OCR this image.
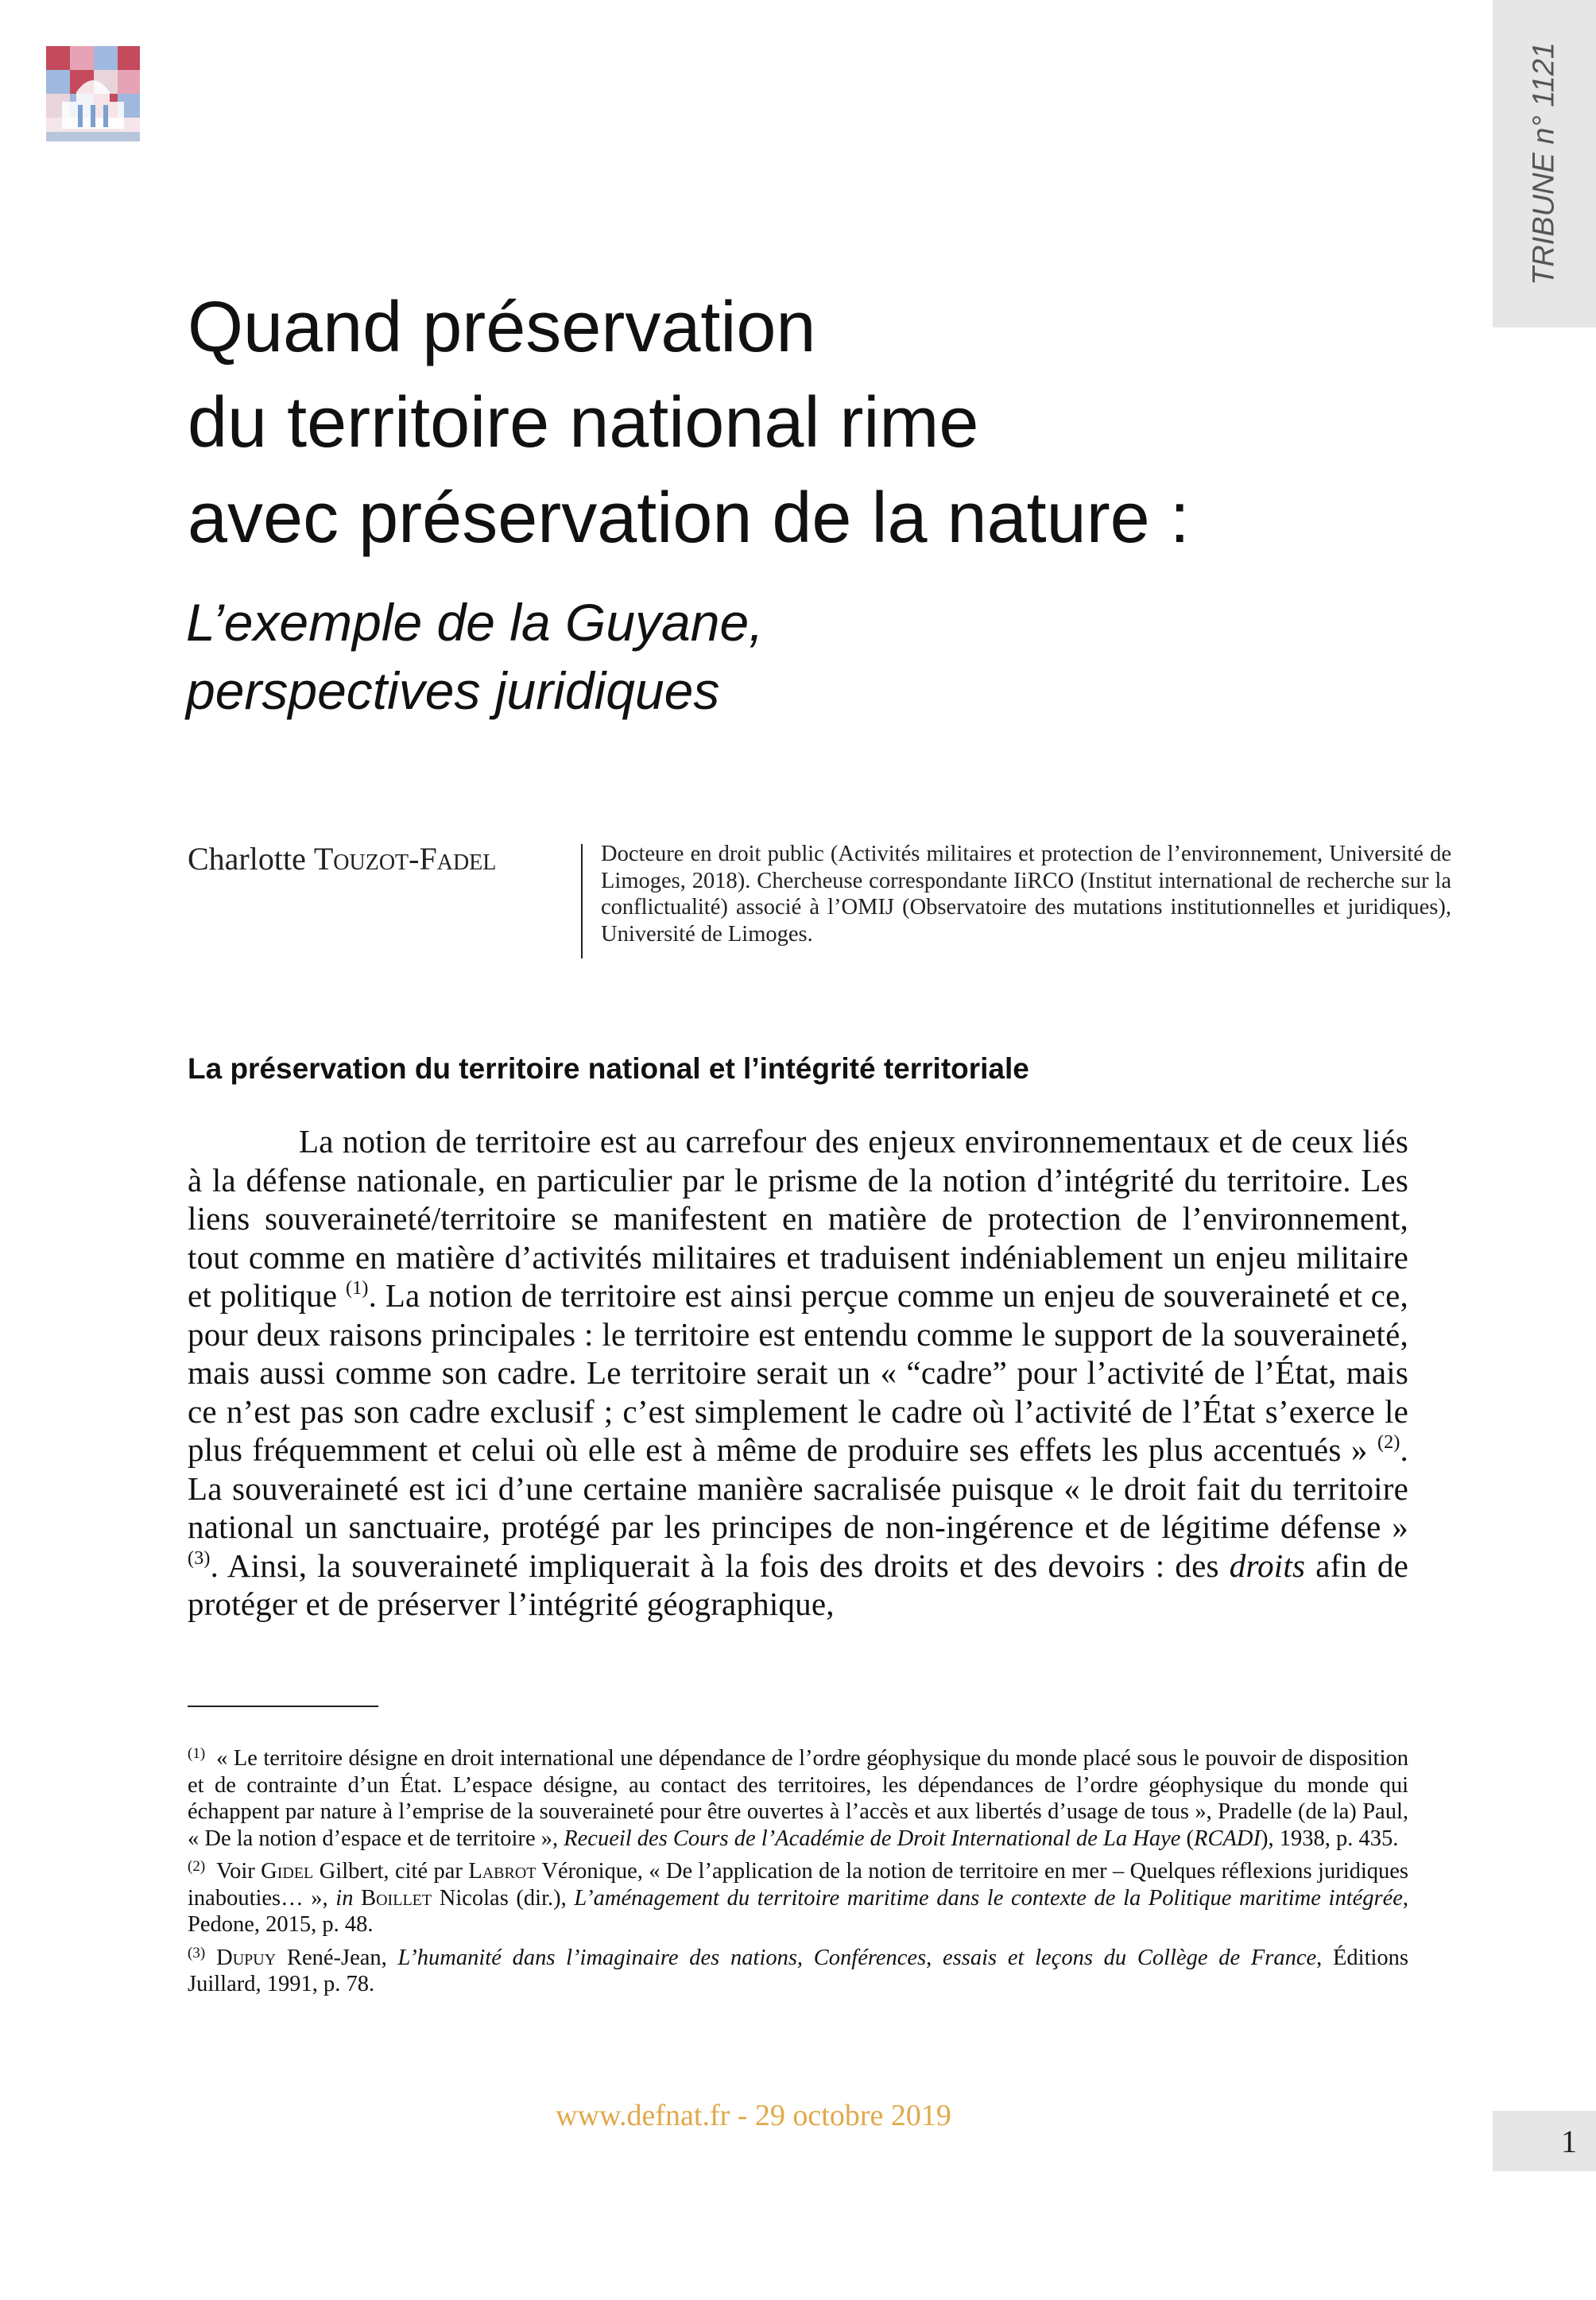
TRIBUNE n° 1121
Quand préservation
du territoire national rime
avec préservation de la nature :
L’exemple de la Guyane,
perspectives juridiques
Charlotte Touzot-Fadel	Docteure en droit public (Activités militaires et protection de l’environnement, Université de Limoges, 2018). Chercheuse correspondante IiRCO (Institut international de recherche sur la conflictualité) associé à l’OMIJ (Observatoire des mutations institutionnelles et juridiques), Université de Limoges.

La préservation du territoire national et l’intégrité territoriale

La notion de territoire est au carrefour des enjeux environnementaux et de ceux liés à la défense nationale, en particulier par le prisme de la notion d’intégrité du territoire. Les liens souveraineté/territoire se manifestent en matière de protection de l’environnement, tout comme en matière d’activités militaires et traduisent indéniablement un enjeu militaire et politique $^{(1)}$. La notion de territoire est ainsi perçue comme un enjeu de souveraineté et ce, pour deux raisons principales : le territoire est entendu comme le support de la souveraineté, mais aussi comme son cadre. Le territoire serait un « “cadre” pour l’activité de l’État, mais ce n’est pas son cadre exclusif ; c’est simplement le cadre où l’activité de l’État s’exerce le plus fréquemment et celui où elle est à même de produire ses effets les plus accentués » $^{(2)}$. La souveraineté est ici d’une certaine manière sacralisée puisque « le droit fait du territoire national un sanctuaire, protégé par les principes de non-ingérence et de légitime défense » $^{(3)}$. Ainsi, la souveraineté impliquerait à la fois des droits et des devoirs : des droits afin de protéger et de préserver l’intégrité géographique,

$^{(1)}$ « Le territoire désigne en droit international une dépendance de l’ordre géophysique du monde placé sous le pouvoir de disposition et de contrainte d’un État. L’espace désigne, au contact des territoires, les dépendances de l’ordre géophysique du monde qui échappent par nature à l’emprise de la souveraineté pour être ouvertes à l’accès et aux libertés d’usage de tous », Pradelle (de la) Paul, « De la notion d’espace et de territoire », Recueil des Cours de l’Académie de Droit International de La Haye (RCADI), 1938, p. 435.

$^{(2)}$ Voir Gidel Gilbert, cité par Labrot Véronique, « De l’application de la notion de territoire en mer – Quelques réflexions juridiques inabouties… », in Boillet Nicolas (dir.), L’aménagement du territoire maritime dans le contexte de la Politique maritime intégrée, Pedone, 2015, p. 48.

$^{(3)}$ Dupuy René-Jean, L’humanité dans l’imaginaire des nations, Conférences, essais et leçons du Collège de France, Éditions Juillard, 1991, p. 78.

www.defnat.fr - 29 octobre 2019
1
